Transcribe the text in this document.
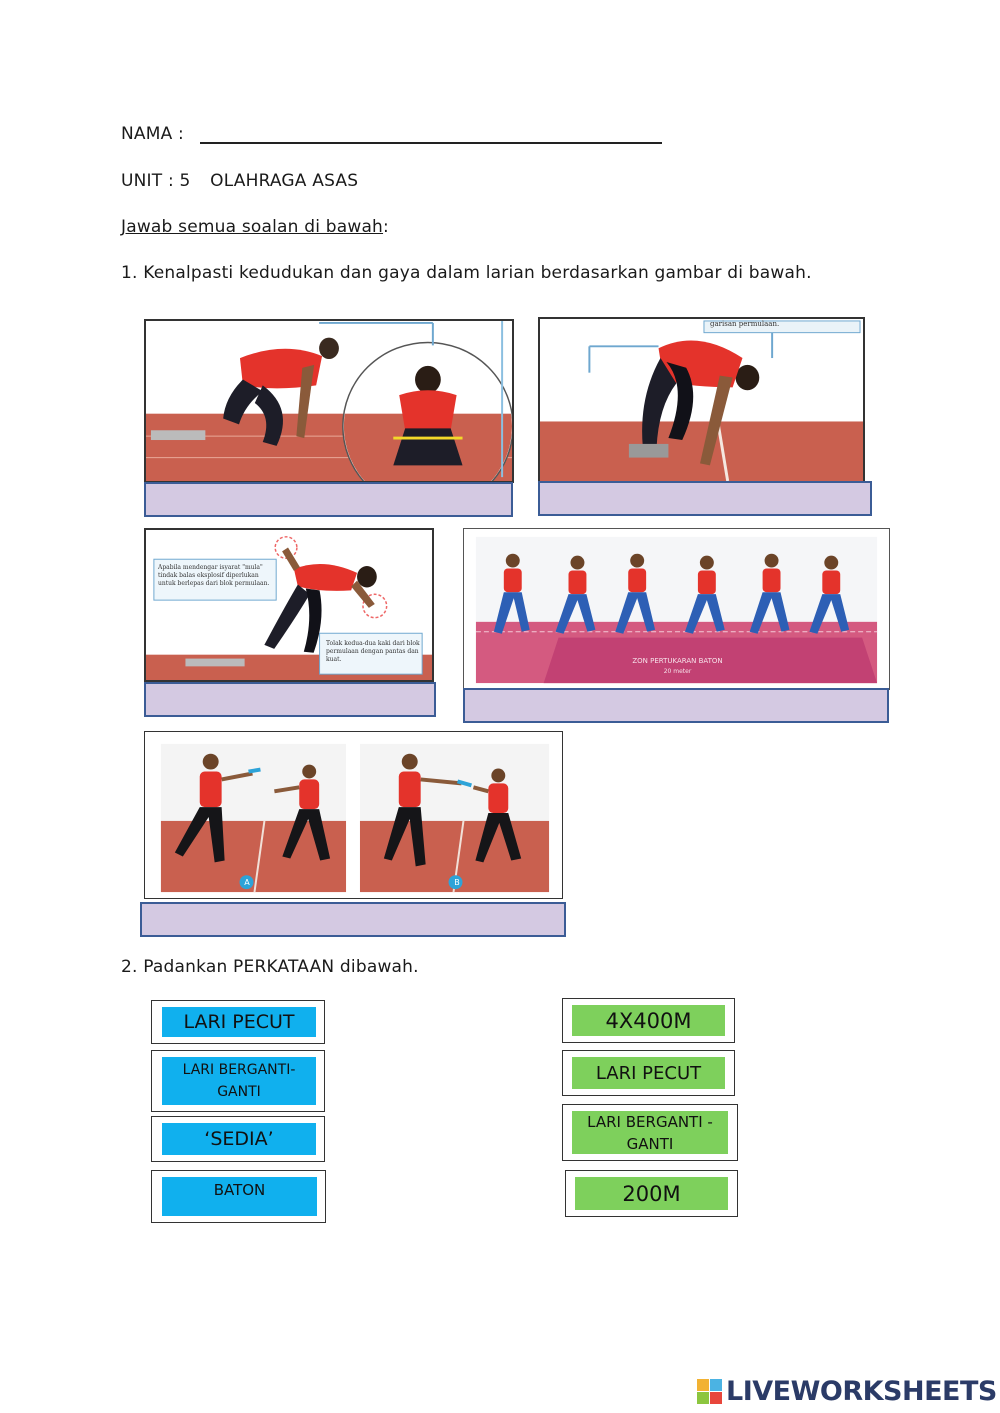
NAMA :
UNIT : 5 OLAHRAGA ASAS
Jawab semua soalan di bawah:
1. Kenalpasti kedudukan dan gaya dalam larian berdasarkan gambar di bawah.
garisan permulaan.
Apabila mendengar isyarat "mula" tindak balas eksplosif diperlukan untuk berlepas dari blok permulaan.
Tolak kedua-dua kaki dari blok permulaan dengan pantas dan kuat.	ZON PERTUKARAN BATON
20 meter
A	B
2. Padankan PERKATAAN dibawah.
LARI PECUT
LARI BERGANTI-GANTI
‘SEDIA’
BATON
4X400M
LARI PECUT
LARI BERGANTI -GANTI
200M
LIVEWORKSHEETS
